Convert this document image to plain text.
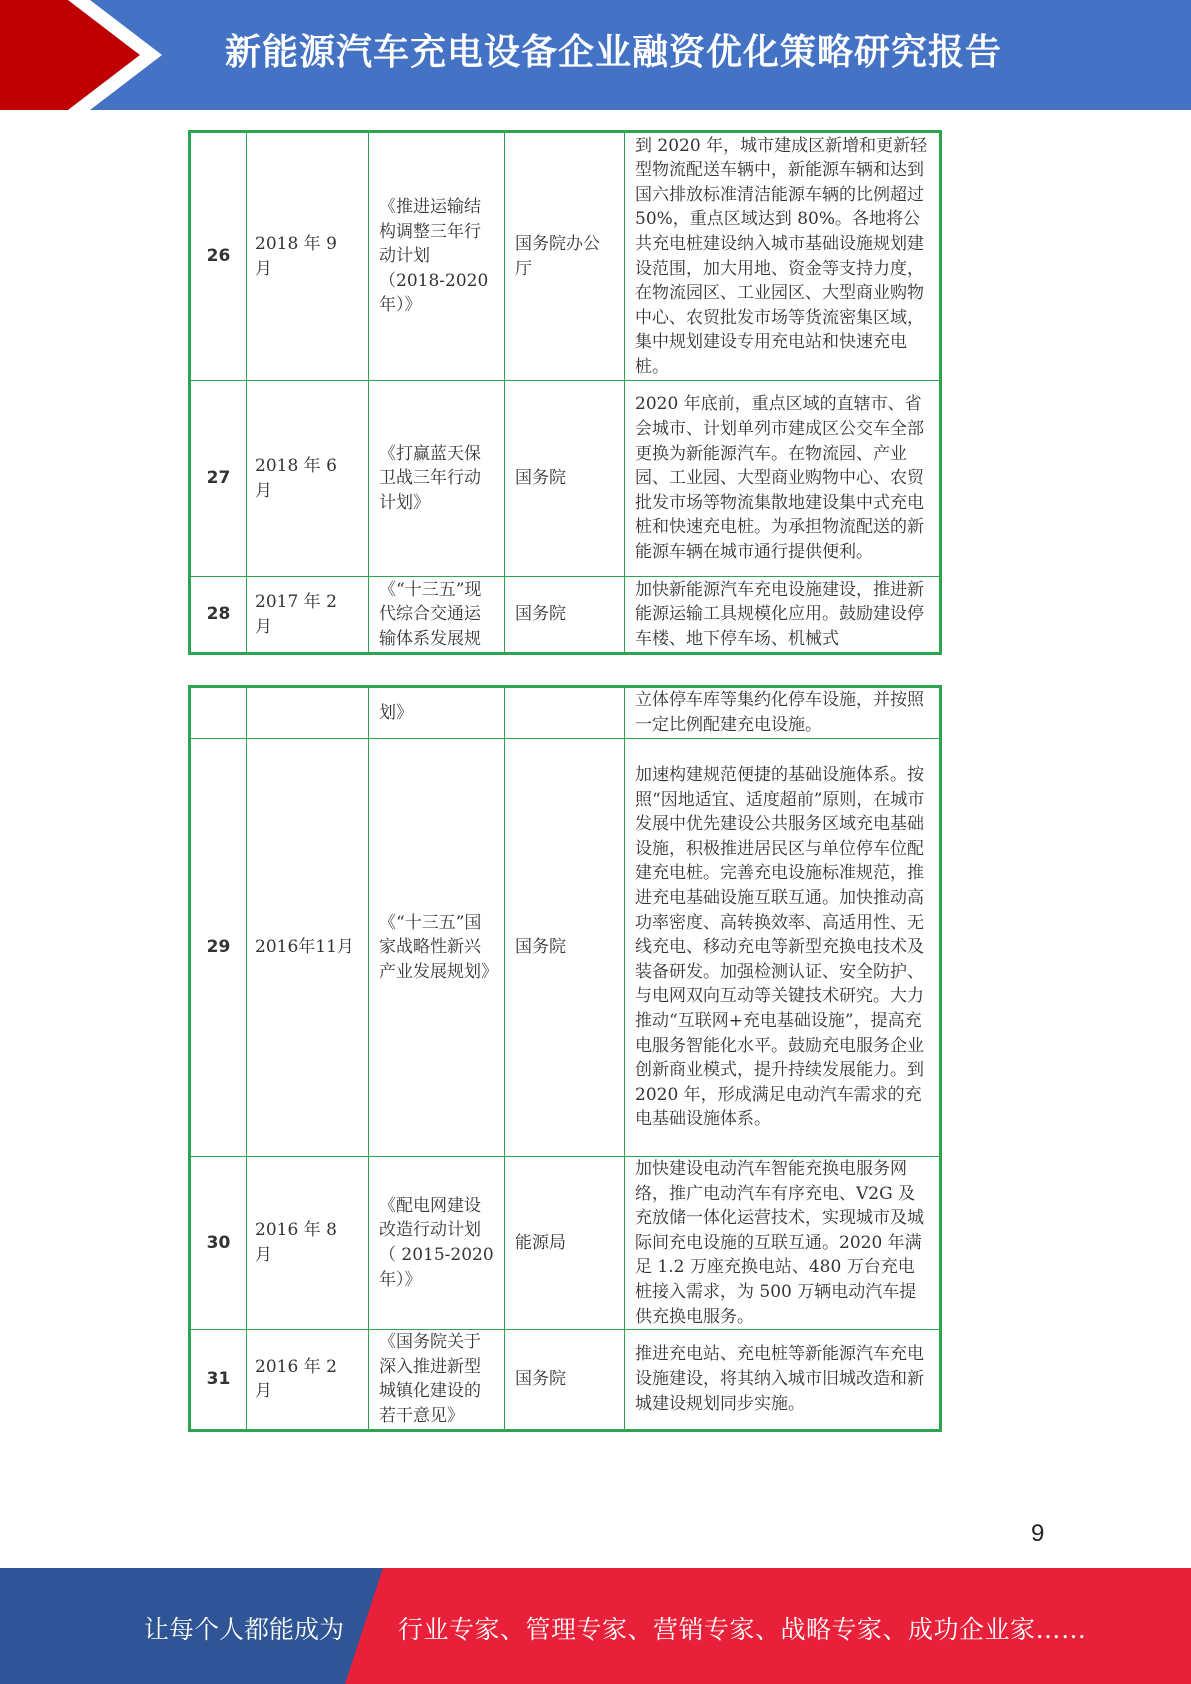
新能源汽车充电设备企业融资优化策略研究报告
26	2018 年 9 月	《推进运输结构调整三年行动计划（2018-2020 年）》	国务院办公厅	到 2020 年，城市建成区新增和更新轻型物流配送车辆中，新能源车辆和达到国六排放标准清洁能源车辆的比例超过 50%，重点区域达到 80%。各地将公共充电桩建设纳入城市基础设施规划建设范围，加大用地、资金等支持力度，在物流园区、工业园区、大型商业购物中心、农贸批发市场等货流密集区域，集中规划建设专用充电站和快速充电桩。
27	2018 年 6 月	《打赢蓝天保卫战三年行动计划》	国务院	2020 年底前，重点区域的直辖市、省会城市、计划单列市建成区公交车全部更换为新能源汽车。在物流园、产业园、工业园、大型商业购物中心、农贸批发市场等物流集散地建设集中式充电桩和快速充电桩。为承担物流配送的新能源车辆在城市通行提供便利。
28	2017 年 2 月	《“十三五”现代综合交通运输体系发展规	国务院	加快新能源汽车充电设施建设，推进新能源运输工具规模化应用。鼓励建设停车楼、地下停车场、机械式
		划》		立体停车库等集约化停车设施，并按照一定比例配建充电设施。
29	2016年11月	《“十三五”国家战略性新兴产业发展规划》	国务院	加速构建规范便捷的基础设施体系。按照“因地适宜、适度超前”原则，在城市发展中优先建设公共服务区域充电基础设施，积极推进居民区与单位停车位配建充电桩。完善充电设施标准规范，推进充电基础设施互联互通。加快推动高功率密度、高转换效率、高适用性、无线充电、移动充电等新型充换电技术及装备研发。加强检测认证、安全防护、与电网双向互动等关键技术研究。大力推动“互联网+充电基础设施”，提高充电服务智能化水平。鼓励充电服务企业创新商业模式，提升持续发展能力。到 2020 年，形成满足电动汽车需求的充电基础设施体系。
30	2016 年 8 月	《配电网建设改造行动计划（ 2015-2020 年）》	能源局	加快建设电动汽车智能充换电服务网络，推广电动汽车有序充电、V2G 及充放储一体化运营技术，实现城市及城际间充电设施的互联互通。2020 年满足 1.2 万座充换电站、480 万台充电桩接入需求，为 500 万辆电动汽车提供充换电服务。
31	2016 年 2 月	《国务院关于深入推进新型城镇化建设的若干意见》	国务院	推进充电站、充电桩等新能源汽车充电设施建设，将其纳入城市旧城改造和新城建设规划同步实施。
9
让每个人都能成为 行业专家、管理专家、营销专家、战略专家、成功企业家……
